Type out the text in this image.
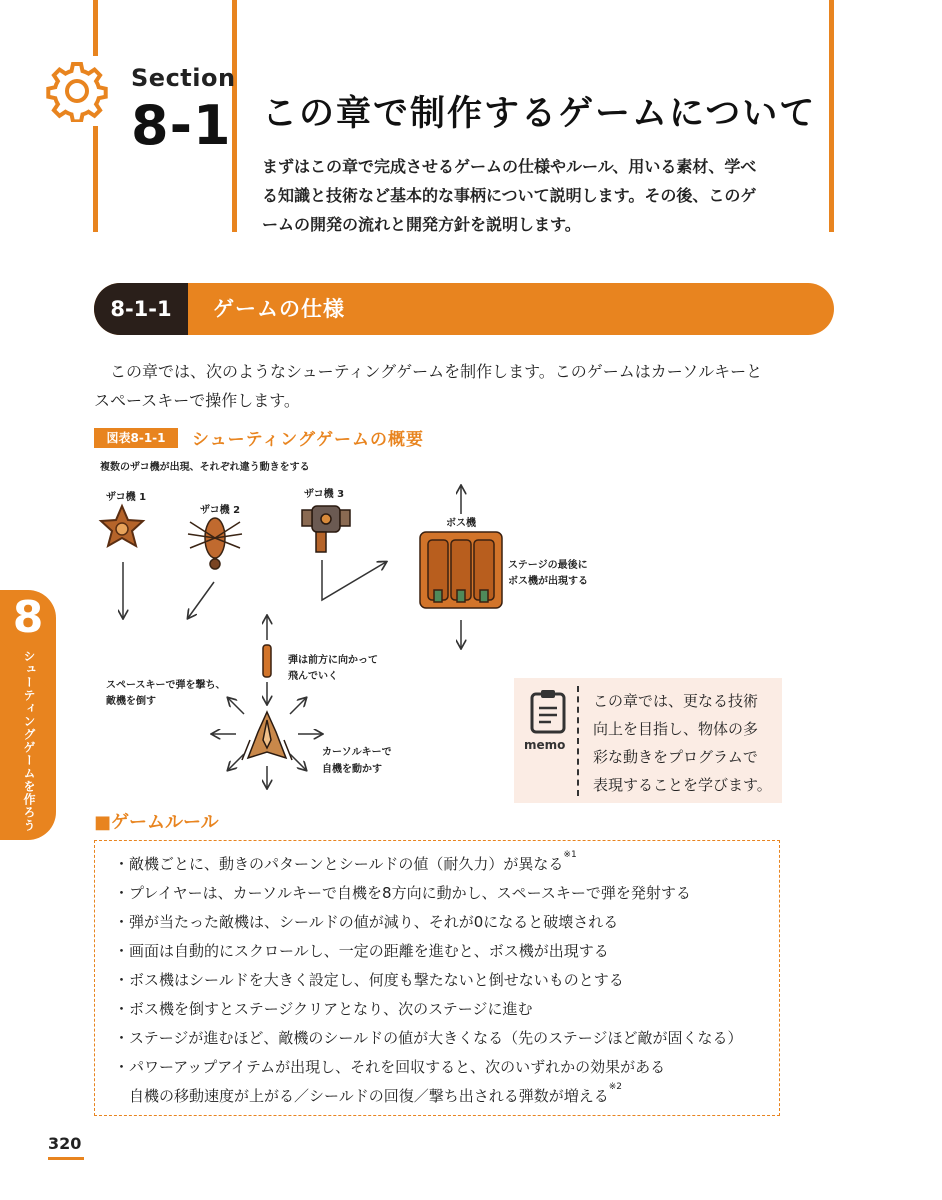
Section
8-1 この章で制作するゲームについて
まずはこの章で完成させるゲームの仕様やルール、用いる素材、学べ
る知識と技術など基本的な事柄について説明します。その後、このゲ
ームの開発の流れと開発方針を説明します。
8-1-1	ゲームの仕様
　この章では、次のようなシューティングゲームを制作します。このゲームはカーソルキーと
スペースキーで操作します。
図表8-1-1	シューティングゲームの概要
複数のザコ機が出現、それぞれ違う動きをする
ザコ機 1
ザコ機 2
ザコ機 3
ボス機
ステージの最後に
ボス機が出現する
弾は前方に向かって
飛んでいく
スペースキーで弾を撃ち、
敵機を倒す
カーソルキーで
自機を動かす
8
シューティングゲームを作ろう	memo
この章では、更なる技術
向上を目指し、物体の多
彩な動きをプログラムで
表現することを学びます。
■ゲームルール
・敵機ごとに、動きのパターンとシールドの値（耐久力）が異なる$^{※1}$
・プレイヤーは、カーソルキーで自機を8方向に動かし、スペースキーで弾を発射する
・弾が当たった敵機は、シールドの値が減り、それが0になると破壊される
・画面は自動的にスクロールし、一定の距離を進むと、ボス機が出現する
・ボス機はシールドを大きく設定し、何度も撃たないと倒せないものとする
・ボス機を倒すとステージクリアとなり、次のステージに進む
・ステージが進むほど、敵機のシールドの値が大きくなる（先のステージほど敵が固くなる）
・パワーアップアイテムが出現し、それを回収すると、次のいずれかの効果がある
　自機の移動速度が上がる／シールドの回復／撃ち出される弾数が増える$^{※2}$
320
